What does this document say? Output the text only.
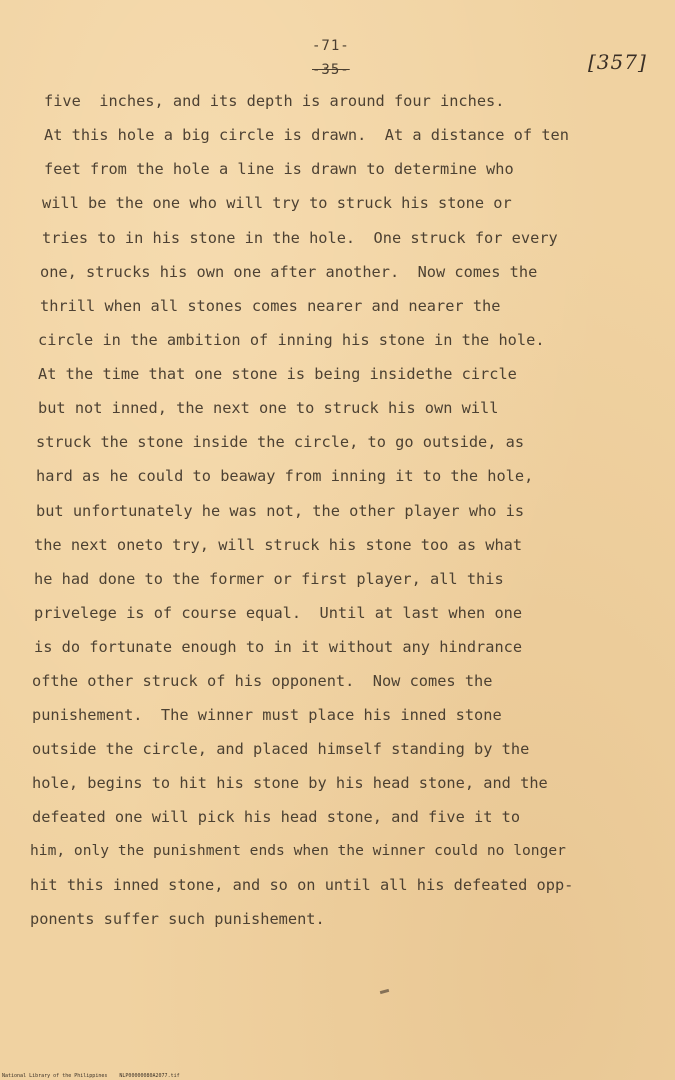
-71-
-35-	[357]
five  inches, and its depth is around four inches.
At this hole a big circle is drawn.  At a distance of ten
feet from the hole a line is drawn to determine who
will be the one who will try to struck his stone or
tries to in his stone in the hole.  One struck for every
one, strucks his own one after another.  Now comes the
thrill when all stones comes nearer and nearer the
circle in the ambition of inning his stone in the hole.
At the time that one stone is being insidethe circle
but not inned, the next one to struck his own will
struck the stone inside the circle, to go outside, as
hard as he could to beaway from inning it to the hole,
but unfortunately he was not, the other player who is
the next oneto try, will struck his stone too as what
he had done to the former or first player, all this
privelege is of course equal.  Until at last when one
is do fortunate enough to in it without any hindrance
ofthe other struck of his opponent.  Now comes the
punishement.  The winner must place his inned stone
outside the circle, and placed himself standing by the
hole, begins to hit his stone by his head stone, and the
defeated one will pick his head stone, and five it to
him, only the punishment ends when the winner could no longer
hit this inned stone, and so on until all his defeated opp-
ponents suffer such punishement.
National Library of the Philippines    NLP00000080A2077.tif
